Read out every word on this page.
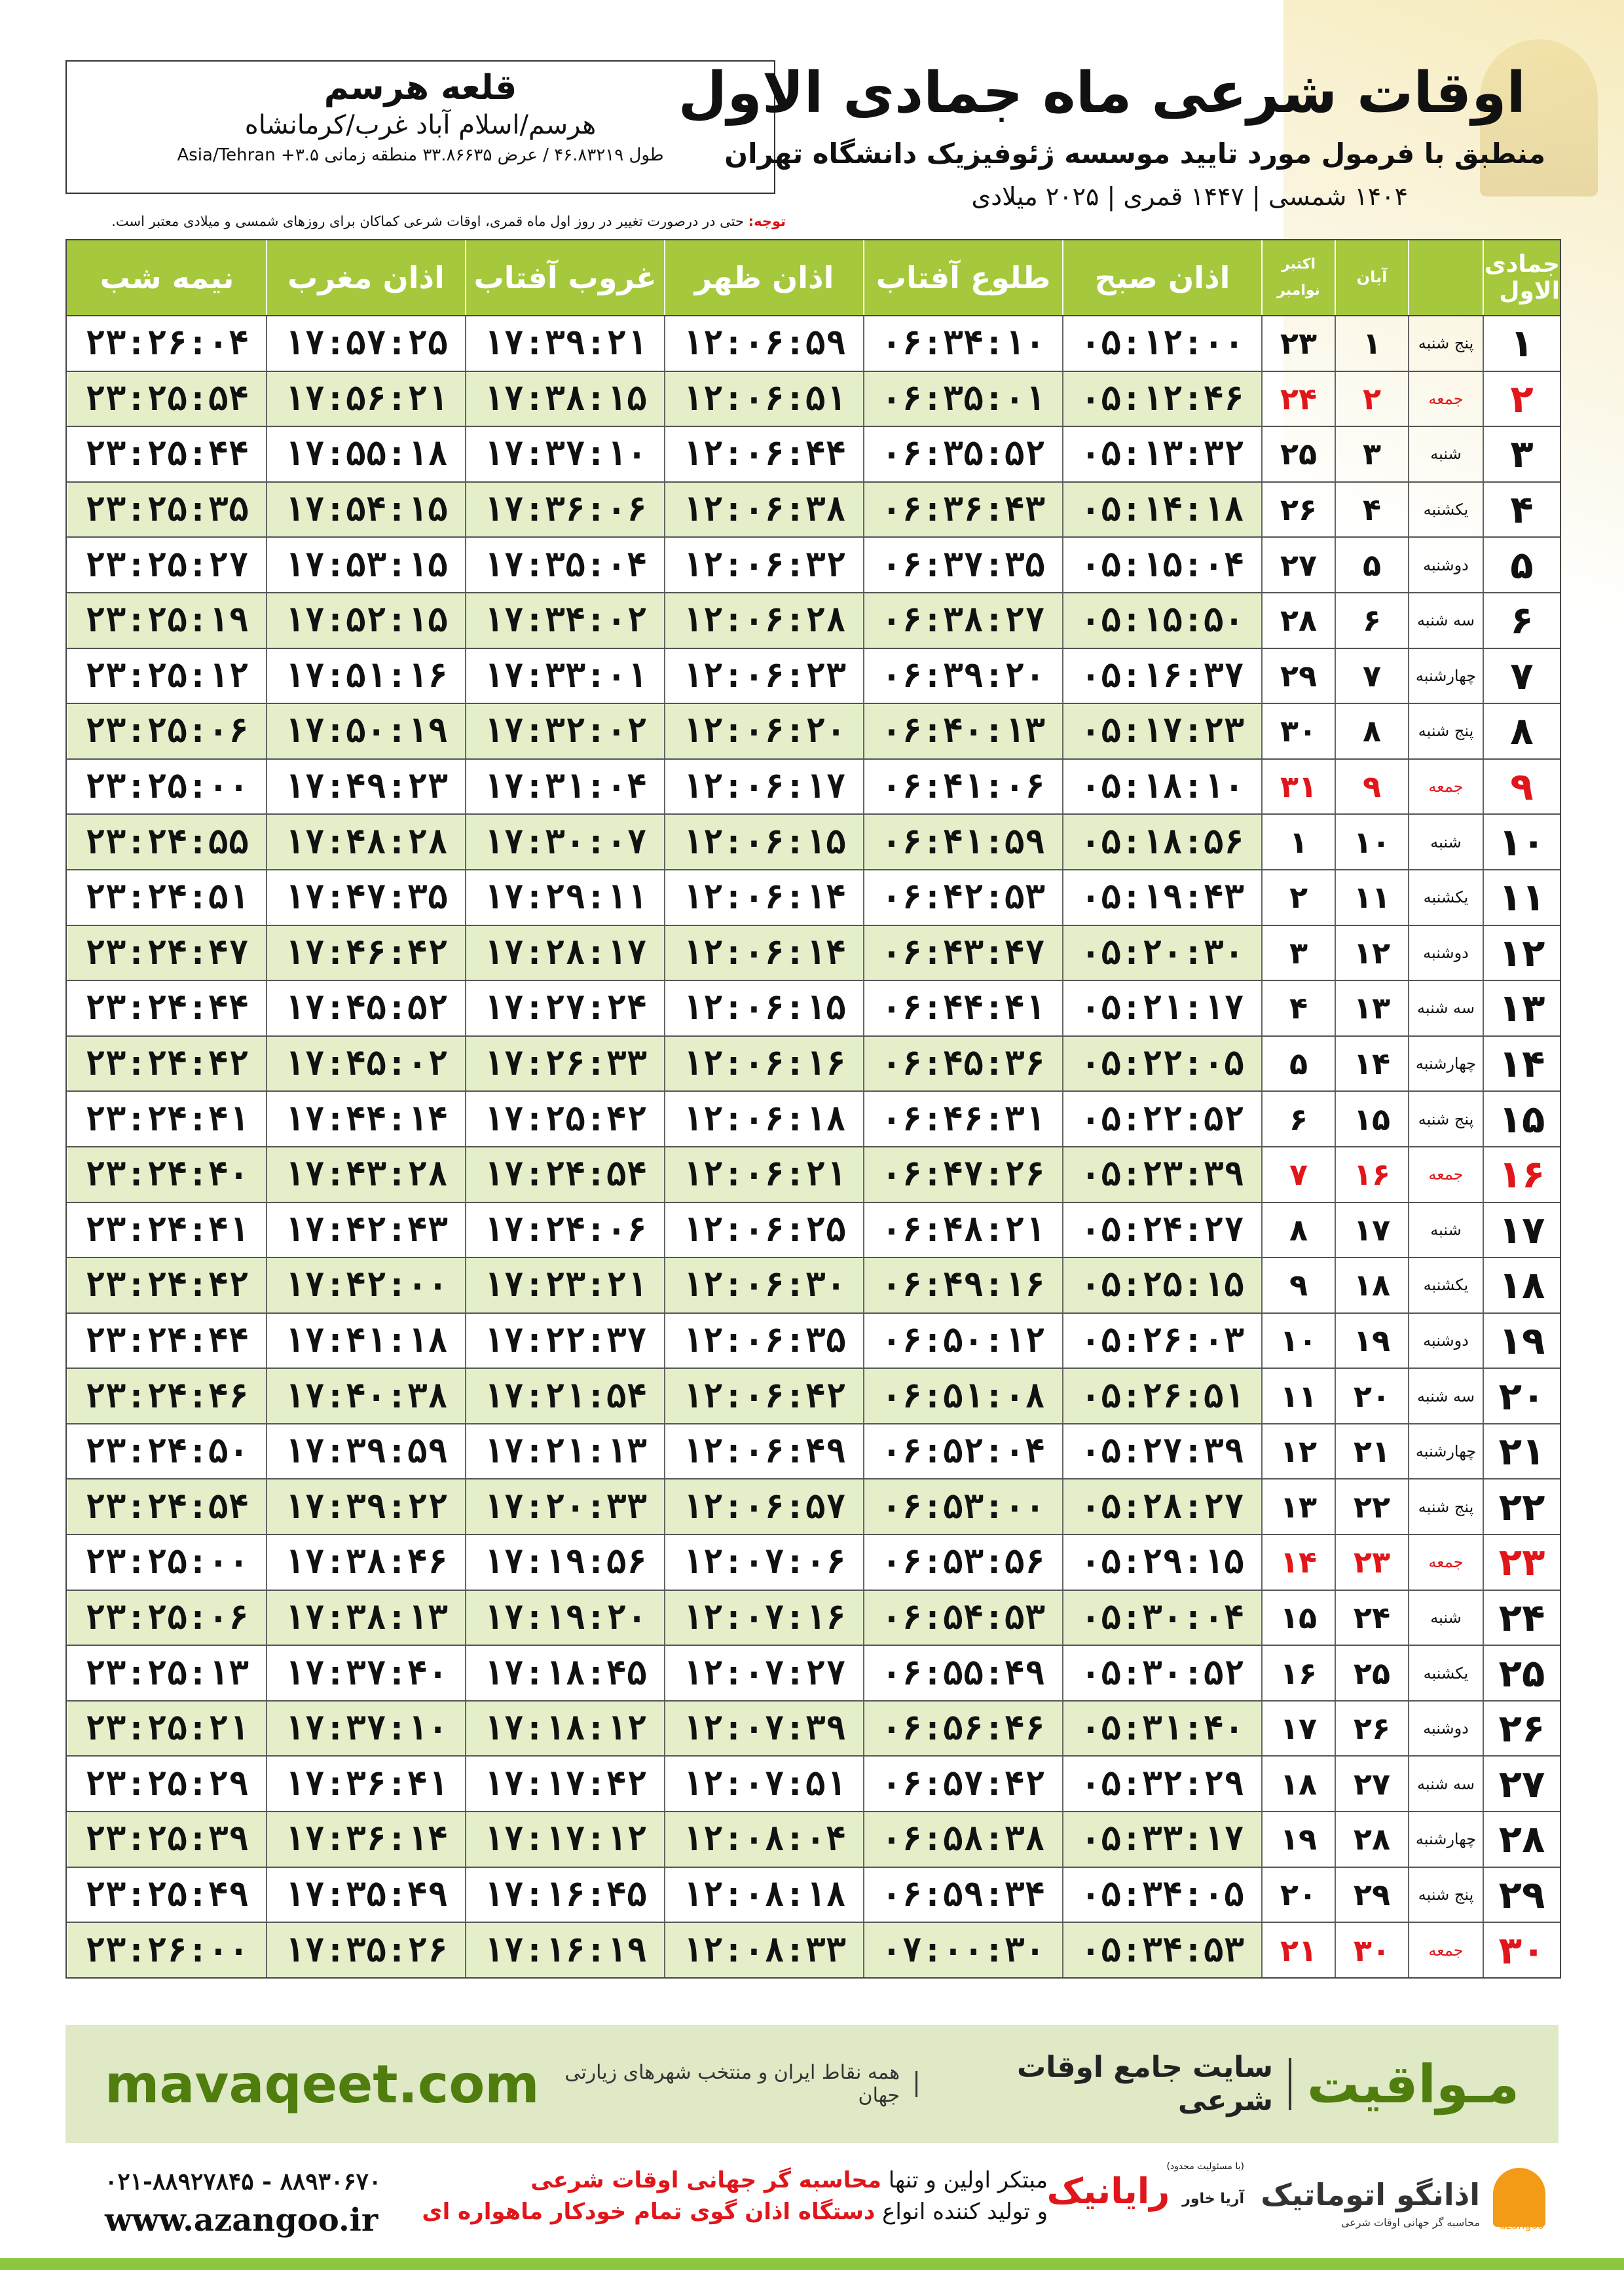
قلعه هرسم
هرسم/اسلام آباد غرب/کرمانشاه
طول ۴۶.۸۳۲۱۹ / عرض ۳۳.۸۶۶۳۵ منطقه زمانی ۳.۵+ Asia/Tehran
اوقات شرعی ماه جمادی الاول
منطبق با فرمول مورد تایید موسسه ژئوفیزیک دانشگاه تهران
۱۴۰۴ شمسی | ۱۴۴۷ قمری | ۲۰۲۵ میلادی
توجه: حتی در درصورت تغییر در روز اول ماه قمری، اوقات شرعی کماکان برای روزهای شمسی و میلادی معتبر است.
جمادی الاول
آبان
اکتبر
نوامبر
اذان صبح
طلوع آفتاب
اذان ظهر
غروب آفتاب
اذان مغرب
نیمه شب
۱
پنج شنبه
۱
۲۳
۰۵:۱۲:۰۰
۰۶:۳۴:۱۰
۱۲:۰۶:۵۹
۱۷:۳۹:۲۱
۱۷:۵۷:۲۵
۲۳:۲۶:۰۴
۲
جمعه
۲
۲۴
۰۵:۱۲:۴۶
۰۶:۳۵:۰۱
۱۲:۰۶:۵۱
۱۷:۳۸:۱۵
۱۷:۵۶:۲۱
۲۳:۲۵:۵۴
۳
شنبه
۳
۲۵
۰۵:۱۳:۳۲
۰۶:۳۵:۵۲
۱۲:۰۶:۴۴
۱۷:۳۷:۱۰
۱۷:۵۵:۱۸
۲۳:۲۵:۴۴
۴
یکشنبه
۴
۲۶
۰۵:۱۴:۱۸
۰۶:۳۶:۴۳
۱۲:۰۶:۳۸
۱۷:۳۶:۰۶
۱۷:۵۴:۱۵
۲۳:۲۵:۳۵
۵
دوشنبه
۵
۲۷
۰۵:۱۵:۰۴
۰۶:۳۷:۳۵
۱۲:۰۶:۳۲
۱۷:۳۵:۰۴
۱۷:۵۳:۱۵
۲۳:۲۵:۲۷
۶
سه شنبه
۶
۲۸
۰۵:۱۵:۵۰
۰۶:۳۸:۲۷
۱۲:۰۶:۲۸
۱۷:۳۴:۰۲
۱۷:۵۲:۱۵
۲۳:۲۵:۱۹
۷
چهارشنبه
۷
۲۹
۰۵:۱۶:۳۷
۰۶:۳۹:۲۰
۱۲:۰۶:۲۳
۱۷:۳۳:۰۱
۱۷:۵۱:۱۶
۲۳:۲۵:۱۲
۸
پنج شنبه
۸
۳۰
۰۵:۱۷:۲۳
۰۶:۴۰:۱۳
۱۲:۰۶:۲۰
۱۷:۳۲:۰۲
۱۷:۵۰:۱۹
۲۳:۲۵:۰۶
۹
جمعه
۹
۳۱
۰۵:۱۸:۱۰
۰۶:۴۱:۰۶
۱۲:۰۶:۱۷
۱۷:۳۱:۰۴
۱۷:۴۹:۲۳
۲۳:۲۵:۰۰
۱۰
شنبه
۱۰
۱
۰۵:۱۸:۵۶
۰۶:۴۱:۵۹
۱۲:۰۶:۱۵
۱۷:۳۰:۰۷
۱۷:۴۸:۲۸
۲۳:۲۴:۵۵
۱۱
یکشنبه
۱۱
۲
۰۵:۱۹:۴۳
۰۶:۴۲:۵۳
۱۲:۰۶:۱۴
۱۷:۲۹:۱۱
۱۷:۴۷:۳۵
۲۳:۲۴:۵۱
۱۲
دوشنبه
۱۲
۳
۰۵:۲۰:۳۰
۰۶:۴۳:۴۷
۱۲:۰۶:۱۴
۱۷:۲۸:۱۷
۱۷:۴۶:۴۲
۲۳:۲۴:۴۷
۱۳
سه شنبه
۱۳
۴
۰۵:۲۱:۱۷
۰۶:۴۴:۴۱
۱۲:۰۶:۱۵
۱۷:۲۷:۲۴
۱۷:۴۵:۵۲
۲۳:۲۴:۴۴
۱۴
چهارشنبه
۱۴
۵
۰۵:۲۲:۰۵
۰۶:۴۵:۳۶
۱۲:۰۶:۱۶
۱۷:۲۶:۳۳
۱۷:۴۵:۰۲
۲۳:۲۴:۴۲
۱۵
پنج شنبه
۱۵
۶
۰۵:۲۲:۵۲
۰۶:۴۶:۳۱
۱۲:۰۶:۱۸
۱۷:۲۵:۴۲
۱۷:۴۴:۱۴
۲۳:۲۴:۴۱
۱۶
جمعه
۱۶
۷
۰۵:۲۳:۳۹
۰۶:۴۷:۲۶
۱۲:۰۶:۲۱
۱۷:۲۴:۵۴
۱۷:۴۳:۲۸
۲۳:۲۴:۴۰
۱۷
شنبه
۱۷
۸
۰۵:۲۴:۲۷
۰۶:۴۸:۲۱
۱۲:۰۶:۲۵
۱۷:۲۴:۰۶
۱۷:۴۲:۴۳
۲۳:۲۴:۴۱
۱۸
یکشنبه
۱۸
۹
۰۵:۲۵:۱۵
۰۶:۴۹:۱۶
۱۲:۰۶:۳۰
۱۷:۲۳:۲۱
۱۷:۴۲:۰۰
۲۳:۲۴:۴۲
۱۹
دوشنبه
۱۹
۱۰
۰۵:۲۶:۰۳
۰۶:۵۰:۱۲
۱۲:۰۶:۳۵
۱۷:۲۲:۳۷
۱۷:۴۱:۱۸
۲۳:۲۴:۴۴
۲۰
سه شنبه
۲۰
۱۱
۰۵:۲۶:۵۱
۰۶:۵۱:۰۸
۱۲:۰۶:۴۲
۱۷:۲۱:۵۴
۱۷:۴۰:۳۸
۲۳:۲۴:۴۶
۲۱
چهارشنبه
۲۱
۱۲
۰۵:۲۷:۳۹
۰۶:۵۲:۰۴
۱۲:۰۶:۴۹
۱۷:۲۱:۱۳
۱۷:۳۹:۵۹
۲۳:۲۴:۵۰
۲۲
پنج شنبه
۲۲
۱۳
۰۵:۲۸:۲۷
۰۶:۵۳:۰۰
۱۲:۰۶:۵۷
۱۷:۲۰:۳۳
۱۷:۳۹:۲۲
۲۳:۲۴:۵۴
۲۳
جمعه
۲۳
۱۴
۰۵:۲۹:۱۵
۰۶:۵۳:۵۶
۱۲:۰۷:۰۶
۱۷:۱۹:۵۶
۱۷:۳۸:۴۶
۲۳:۲۵:۰۰
۲۴
شنبه
۲۴
۱۵
۰۵:۳۰:۰۴
۰۶:۵۴:۵۳
۱۲:۰۷:۱۶
۱۷:۱۹:۲۰
۱۷:۳۸:۱۳
۲۳:۲۵:۰۶
۲۵
یکشنبه
۲۵
۱۶
۰۵:۳۰:۵۲
۰۶:۵۵:۴۹
۱۲:۰۷:۲۷
۱۷:۱۸:۴۵
۱۷:۳۷:۴۰
۲۳:۲۵:۱۳
۲۶
دوشنبه
۲۶
۱۷
۰۵:۳۱:۴۰
۰۶:۵۶:۴۶
۱۲:۰۷:۳۹
۱۷:۱۸:۱۲
۱۷:۳۷:۱۰
۲۳:۲۵:۲۱
۲۷
سه شنبه
۲۷
۱۸
۰۵:۳۲:۲۹
۰۶:۵۷:۴۲
۱۲:۰۷:۵۱
۱۷:۱۷:۴۲
۱۷:۳۶:۴۱
۲۳:۲۵:۲۹
۲۸
چهارشنبه
۲۸
۱۹
۰۵:۳۳:۱۷
۰۶:۵۸:۳۸
۱۲:۰۸:۰۴
۱۷:۱۷:۱۲
۱۷:۳۶:۱۴
۲۳:۲۵:۳۹
۲۹
پنج شنبه
۲۹
۲۰
۰۵:۳۴:۰۵
۰۶:۵۹:۳۴
۱۲:۰۸:۱۸
۱۷:۱۶:۴۵
۱۷:۳۵:۴۹
۲۳:۲۵:۴۹
۳۰
جمعه
۳۰
۲۱
۰۵:۳۴:۵۳
۰۷:۰۰:۳۰
۱۲:۰۸:۳۳
۱۷:۱۶:۱۹
۱۷:۳۵:۲۶
۲۳:۲۶:۰۰
مـواقیت
سایت جامع اوقات شرعی
همه نقاط ایران و منتخب شهرهای زیارتی جهان
mavaqeet.com
۰۲۱-۸۸۹۲۷۸۴۵ - ۸۸۹۳۰۶۷۰
www.azangoo.ir
مبتکر اولین و تنها محاسبه گر جهانی اوقات شرعی
و تولید کننده انواع دستگاه اذان گوی تمام خودکار ماهواره ای
(با مسئولیت محدود)
آریا خاور رایانیک
azangoo
اذانگو اتوماتیک
محاسبه گر جهانی اوقات شرعی
